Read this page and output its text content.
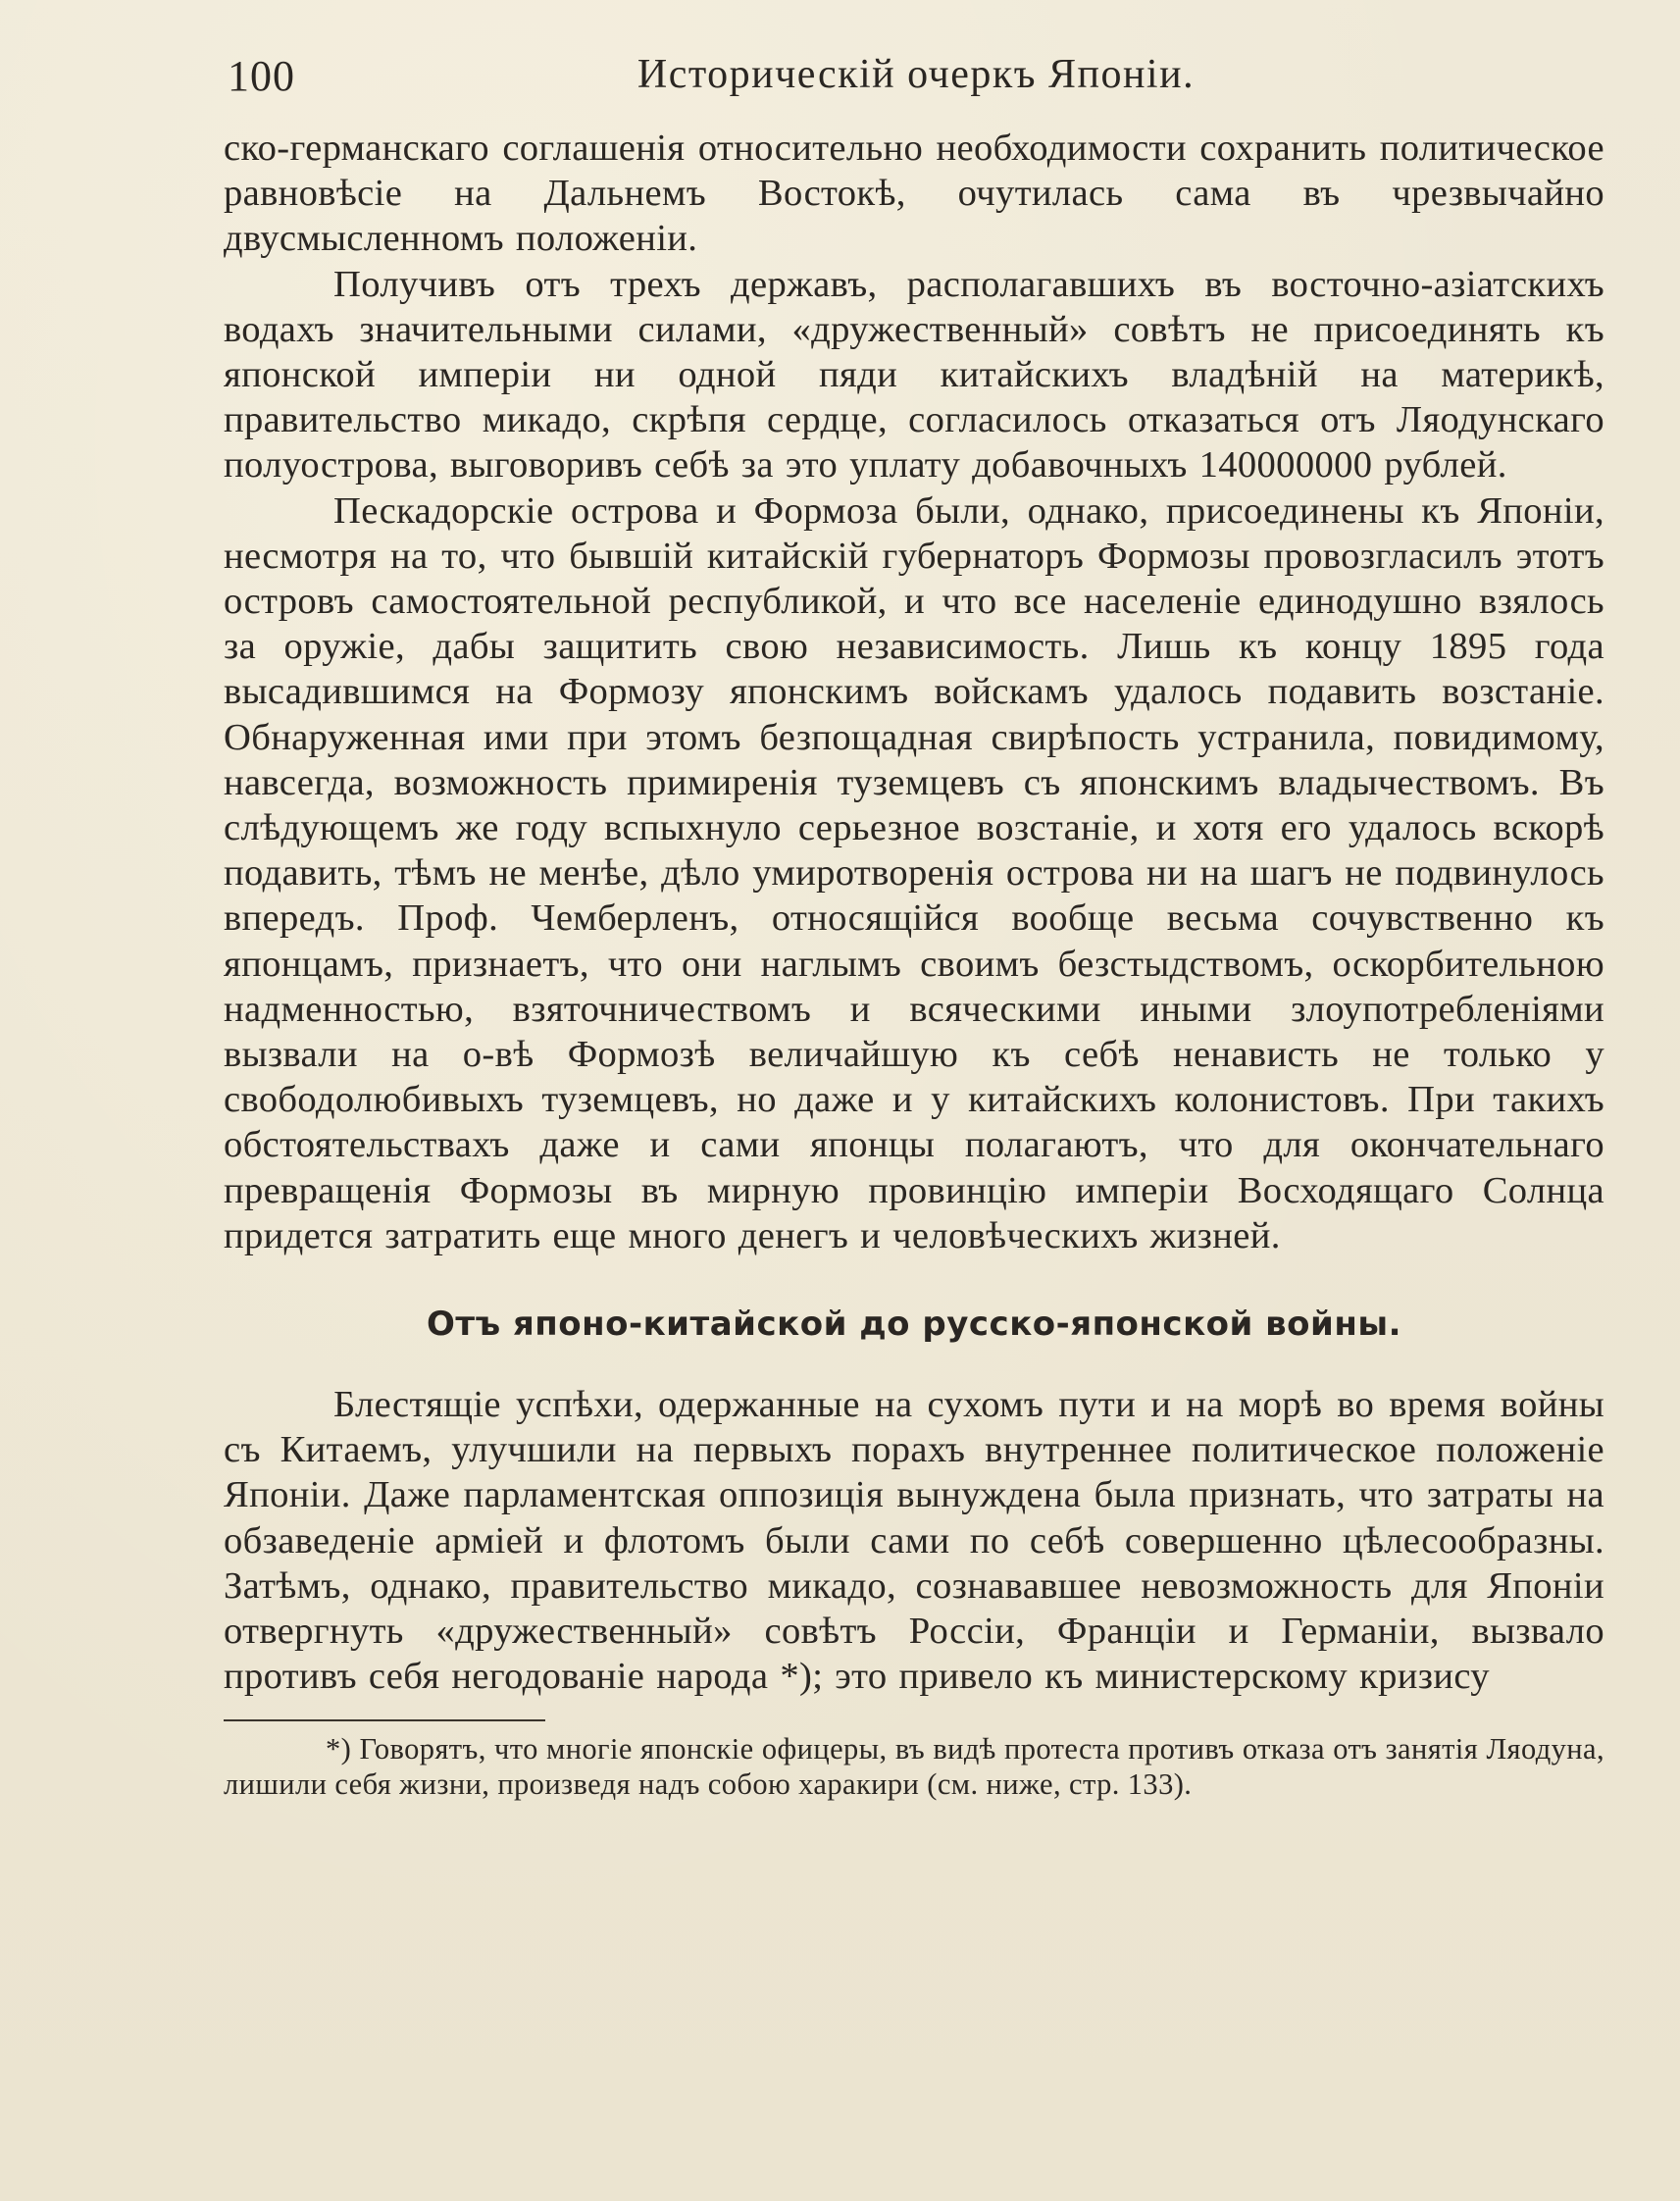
100	Историческій очеркъ Японіи.

ско-германскаго соглашенія относительно необходимости сохранить политическое равновѣсіе на Дальнемъ Востокѣ, очутилась сама въ чрезвычайно двусмысленномъ положеніи.

Получивъ отъ трехъ державъ, располагавшихъ въ восточно-азіатскихъ водахъ значительными силами, «дружественный» совѣтъ не присоединять къ японской имперіи ни одной пяди китайскихъ владѣній на материкѣ, правительство микадо, скрѣпя сердце, согласилось отказаться отъ Ляодунскаго полуострова, выговоривъ себѣ за это уплату добавочныхъ 140000000 рублей.

Пескадорскіе острова и Формоза были, однако, присоединены къ Японіи, несмотря на то, что бывшій китайскій губернаторъ Формозы провозгласилъ этотъ островъ самостоятельной республикой, и что все населеніе единодушно взялось за оружіе, дабы защитить свою независимость. Лишь къ концу 1895 года высадившимся на Формозу японскимъ войскамъ удалось подавить возстаніе. Обнаруженная ими при этомъ безпощадная свирѣпость устранила, повидимому, навсегда, возможность примиренія туземцевъ съ японскимъ владычествомъ. Въ слѣдующемъ же году вспыхнуло серьезное возстаніе, и хотя его удалось вскорѣ подавить, тѣмъ не менѣе, дѣло умиротворенія острова ни на шагъ не подвинулось впередъ. Проф. Чемберленъ, относящійся вообще весьма сочувственно къ японцамъ, признаетъ, что они наглымъ своимъ безстыдствомъ, оскорбительною надменностью, взяточничествомъ и всяческими иными злоупотребленіями вызвали на о-вѣ Формозѣ величайшую къ себѣ ненависть не только у свободолюбивыхъ туземцевъ, но даже и у китайскихъ колонистовъ. При такихъ обстоятельствахъ даже и сами японцы полагаютъ, что для окончательнаго превращенія Формозы въ мирную провинцію имперіи Восходящаго Солнца придется затратить еще много денегъ и человѣческихъ жизней.

Отъ японо-китайской до русско-японской войны.

Блестящіе успѣхи, одержанные на сухомъ пути и на морѣ во время войны съ Китаемъ, улучшили на первыхъ порахъ внутреннее политическое положеніе Японіи. Даже парламентская оппозиція вынуждена была признать, что затраты на обзаведеніе арміей и флотомъ были сами по себѣ совершенно цѣлесообразны. Затѣмъ, однако, правительство микадо, сознававшее невозможность для Японіи отвергнуть «дружественный» совѣтъ Россіи, Франціи и Германіи, вызвало противъ себя негодованіе народа *); это привело къ министерскому кризису

*) Говорятъ, что многіе японскіе офицеры, въ видѣ протеста противъ отказа отъ занятія Ляодуна, лишили себя жизни, произведя надъ собою харакири (см. ниже, стр. 133).
